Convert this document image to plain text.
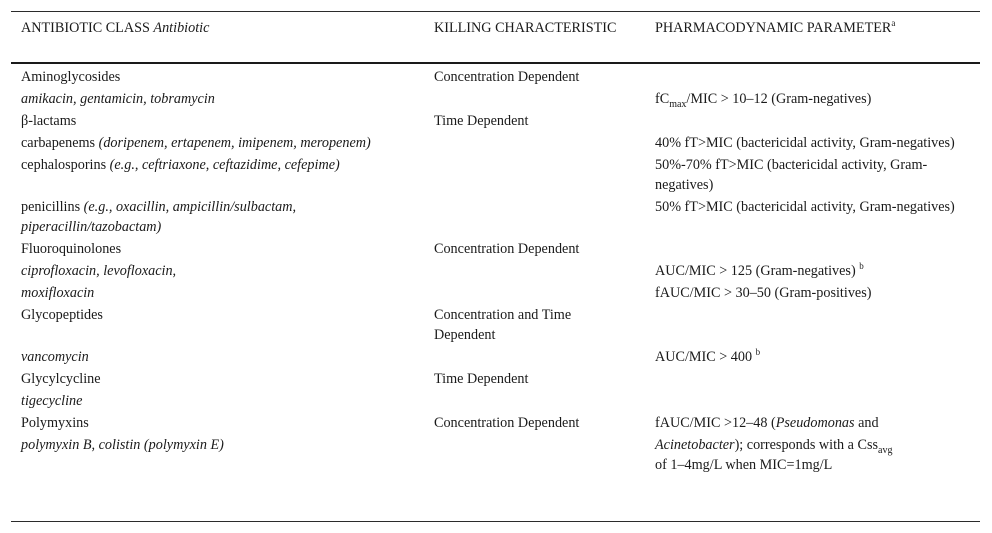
ANTIBIOTIC CLASS Antibiotic	KILLING CHARACTERISTIC	PHARMACODYNAMIC PARAMETER$^a$
Aminoglycosides	Concentration Dependent	
amikacin, gentamicin, tobramycin		$fC_{max}$/MIC > 10–12 (Gram-negatives)
β-lactams	Time Dependent	
carbapenems (doripenem, ertapenem, imipenem, meropenem)		40% fT>MIC (bactericidal activity, Gram-negatives)
cephalosporins (e.g., ceftriaxone, ceftazidime, cefepime)		50%-70% fT>MIC (bactericidal activity, Gram-negatives)
penicillins (e.g., oxacillin, ampicillin/sulbactam, piperacillin/tazobactam)		50% fT>MIC (bactericidal activity, Gram-negatives)
Fluoroquinolones	Concentration Dependent	
ciprofloxacin, levofloxacin,		AUC/MIC > 125 (Gram-negatives) $^b$
moxifloxacin		fAUC/MIC > 30–50 (Gram-positives)
Glycopeptides	Concentration and Time Dependent	
vancomycin		AUC/MIC > 400 $^b$
Glycylcycline	Time Dependent	
tigecycline		
Polymyxins	Concentration Dependent	fAUC/MIC >12–48 (Pseudomonas and
polymyxin B, colistin (polymyxin E)		Acinetobacter); corresponds with a Css$_{avg}$
of 1–4mg/L when MIC=1mg/L
